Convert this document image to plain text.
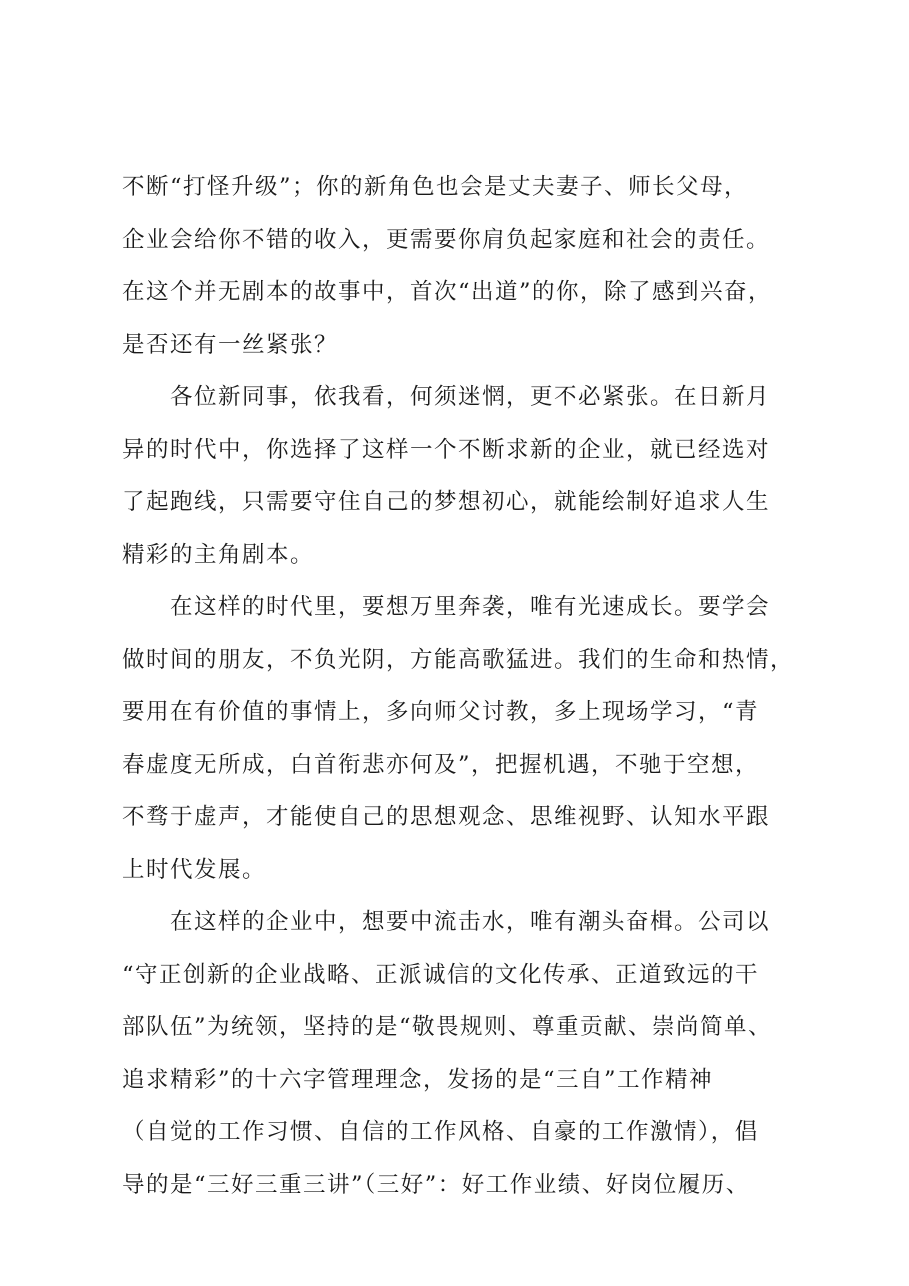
不断“打怪升级”；你的新角色也会是丈夫妻子、师长父母，
企业会给你不错的收入，更需要你肩负起家庭和社会的责任。
在这个并无剧本的故事中，首次“出道”的你，除了感到兴奋，
是否还有一丝紧张？
各位新同事，依我看，何须迷惘，更不必紧张。在日新月
异的时代中，你选择了这样一个不断求新的企业，就已经选对
了起跑线，只需要守住自己的梦想初心，就能绘制好追求人生
精彩的主角剧本。
在这样的时代里，要想万里奔袭，唯有光速成长。要学会
做时间的朋友，不负光阴，方能高歌猛进。我们的生命和热情，
要用在有价值的事情上，多向师父讨教，多上现场学习，“青
春虚度无所成，白首衔悲亦何及”，把握机遇，不驰于空想，
不骛于虚声，才能使自己的思想观念、思维视野、认知水平跟
上时代发展。
在这样的企业中，想要中流击水，唯有潮头奋楫。公司以
“守正创新的企业战略、正派诚信的文化传承、正道致远的干
部队伍”为统领，坚持的是“敬畏规则、尊重贡献、崇尚简单、
追求精彩”的十六字管理理念，发扬的是“三自”工作精神
（自觉的工作习惯、自信的工作风格、自豪的工作激情），倡
导的是“三好三重三讲”（三好”：好工作业绩、好岗位履历、
